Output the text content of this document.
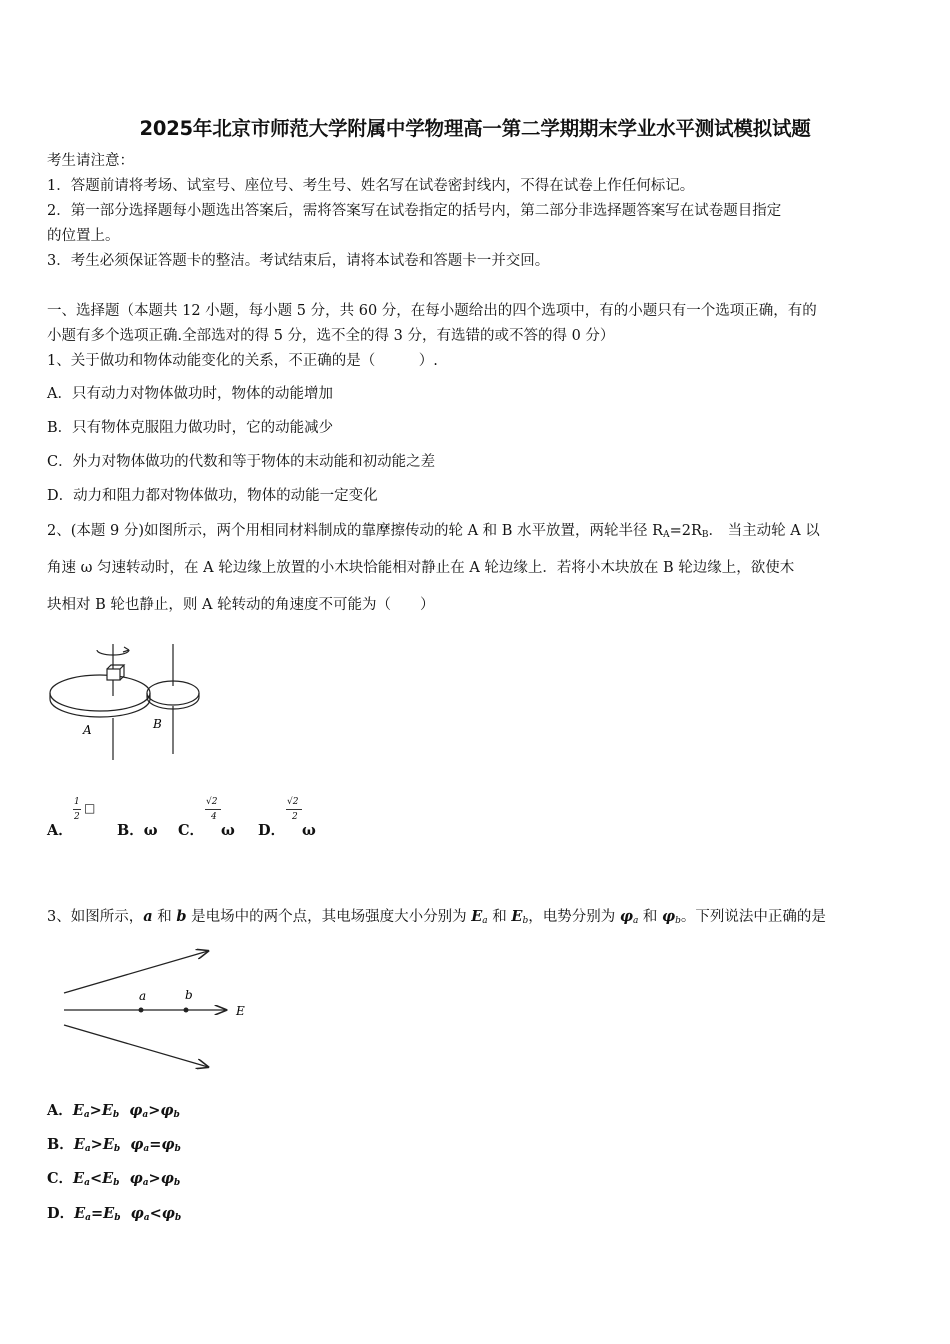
2025年北京市师范大学附属中学物理高一第二学期期末学业水平测试模拟试题
考生请注意：
1．答题前请将考场、试室号、座位号、考生号、姓名写在试卷密封线内，不得在试卷上作任何标记。
2．第一部分选择题每小题选出答案后，需将答案写在试卷指定的括号内，第二部分非选择题答案写在试卷题目指定
的位置上。
3．考生必须保证答题卡的整洁。考试结束后，请将本试卷和答题卡一并交回。
一、选择题（本题共 12 小题，每小题 5 分，共 60 分，在每小题给出的四个选项中，有的小题只有一个选项正确，有的
小题有多个选项正确.全部选对的得 5 分，选不全的得 3 分，有选错的或不答的得 0 分）
1、关于做功和物体动能变化的关系，不正确的是（　　　）.
A．只有动力对物体做功时，物体的动能增加
B．只有物体克服阻力做功时，它的动能减少
C．外力对物体做功的代数和等于物体的末动能和初动能之差
D．动力和阻力都对物体做功，物体的动能一定变化
2、(本题 9 分)如图所示，两个用相同材料制成的靠摩擦传动的轮 A 和 B 水平放置，两轮半径 $R_A=2R_B$． 当主动轮 A 以
角速 ω 匀速转动时，在 A 轮边缘上放置的小木块恰能相对静止在 A 轮边缘上．若将小木块放在 B 轮边缘上，欲使木
块相对 B 轮也静止，则 A 轮转动的角速度不可能为（　　）
A	B
A．
1
2
□
B．ω C．
√2
4
ω D．
√2
2
ω
3、如图所示，a 和 b 是电场中的两个点，其电场强度大小分别为 $E_a$ 和 $E_b$，电势分别为 $\varphi_a$ 和 $\varphi_b$。下列说法中正确的是
a	b
E
A．$E_a>E_b$ $\varphi_a>\varphi_b$
B．$E_a>E_b$ $\varphi_a=\varphi_b$
C．$E_a<E_b$ $\varphi_a>\varphi_b$
D．$E_a=E_b$ $\varphi_a<\varphi_b$
